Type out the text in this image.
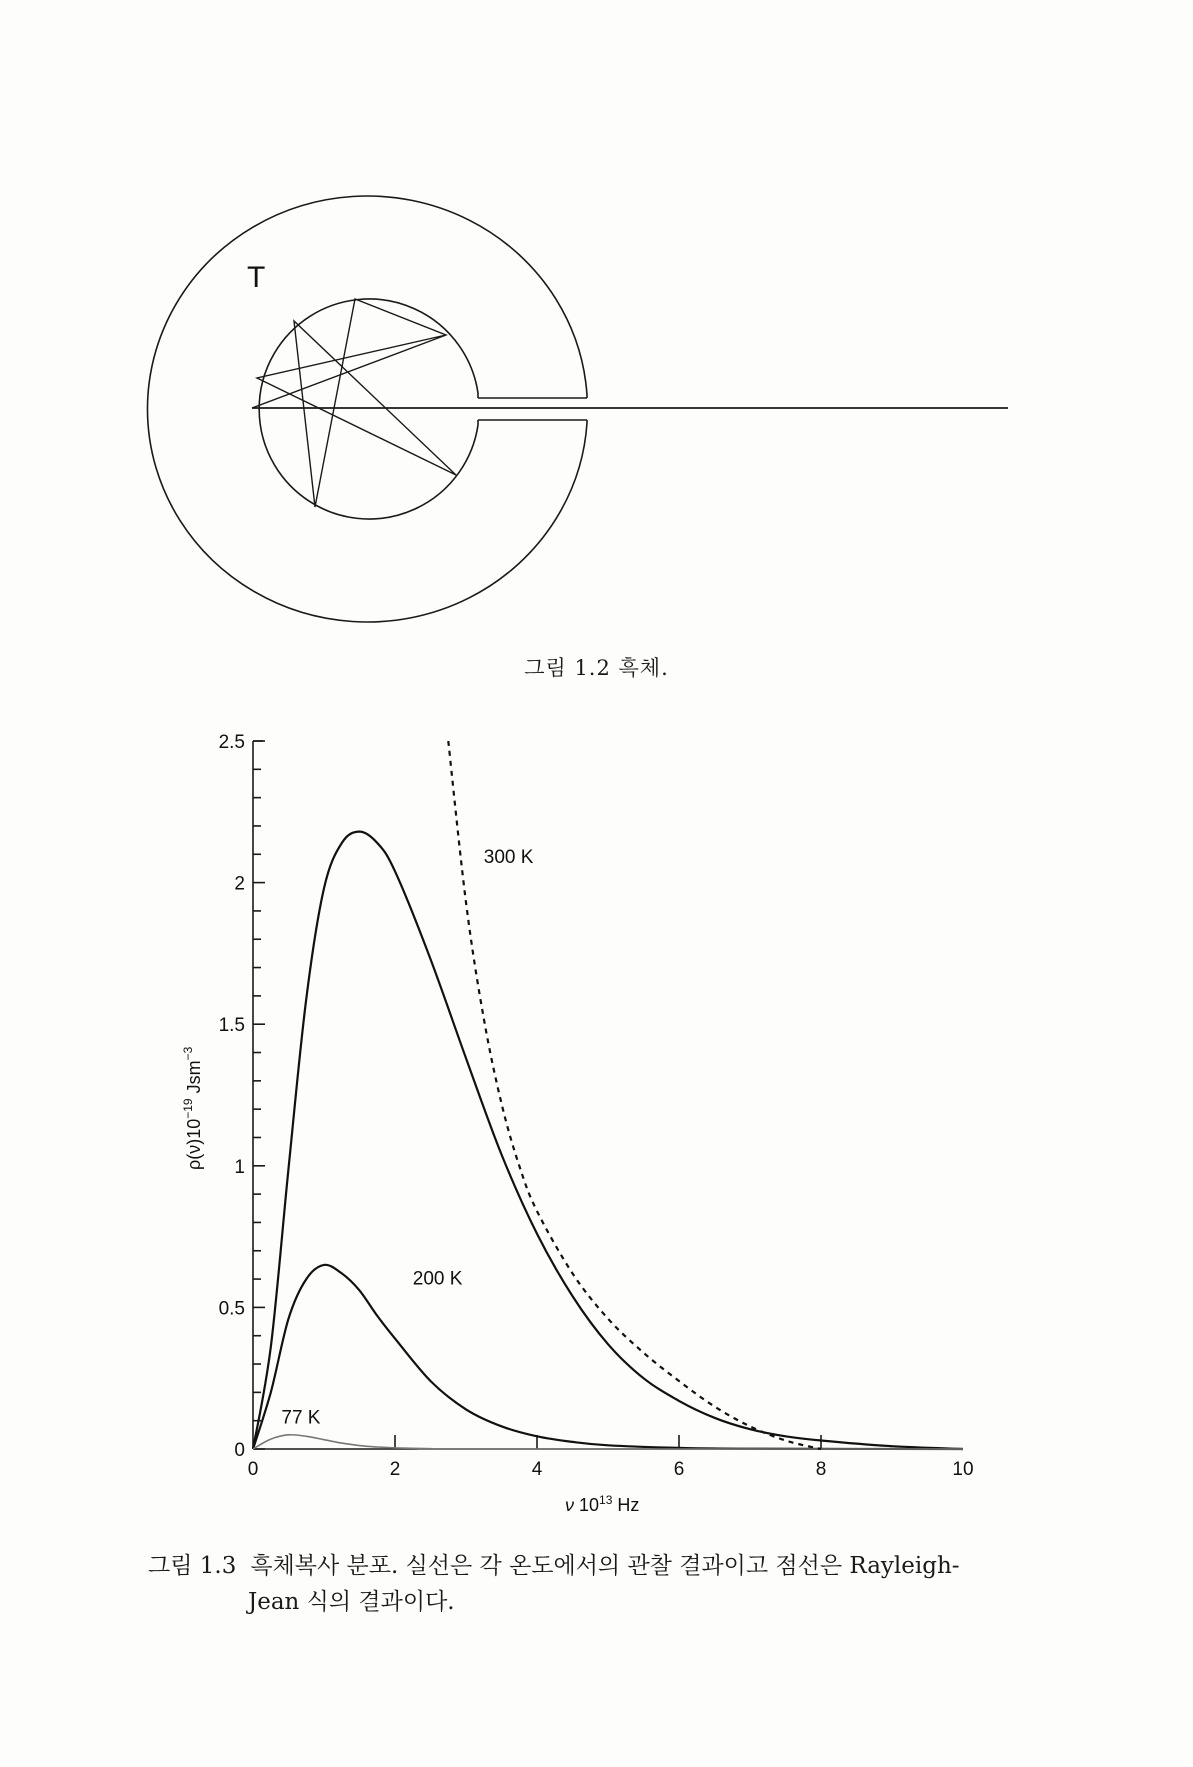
T
0	2	4	6	8	10
0
0.5
1
1.5
2
2.5
300 K
200 K
77 K
$\rho(\nu)10^{-19}$ Jsm$^{-3}$
ν $10^{13}$ Hz
그림 1.2 흑체.
그림 1.3 흑체복사 분포. 실선은 각 온도에서의 관찰 결과이고 점선은 Rayleigh-
Jean 식의 결과이다.
